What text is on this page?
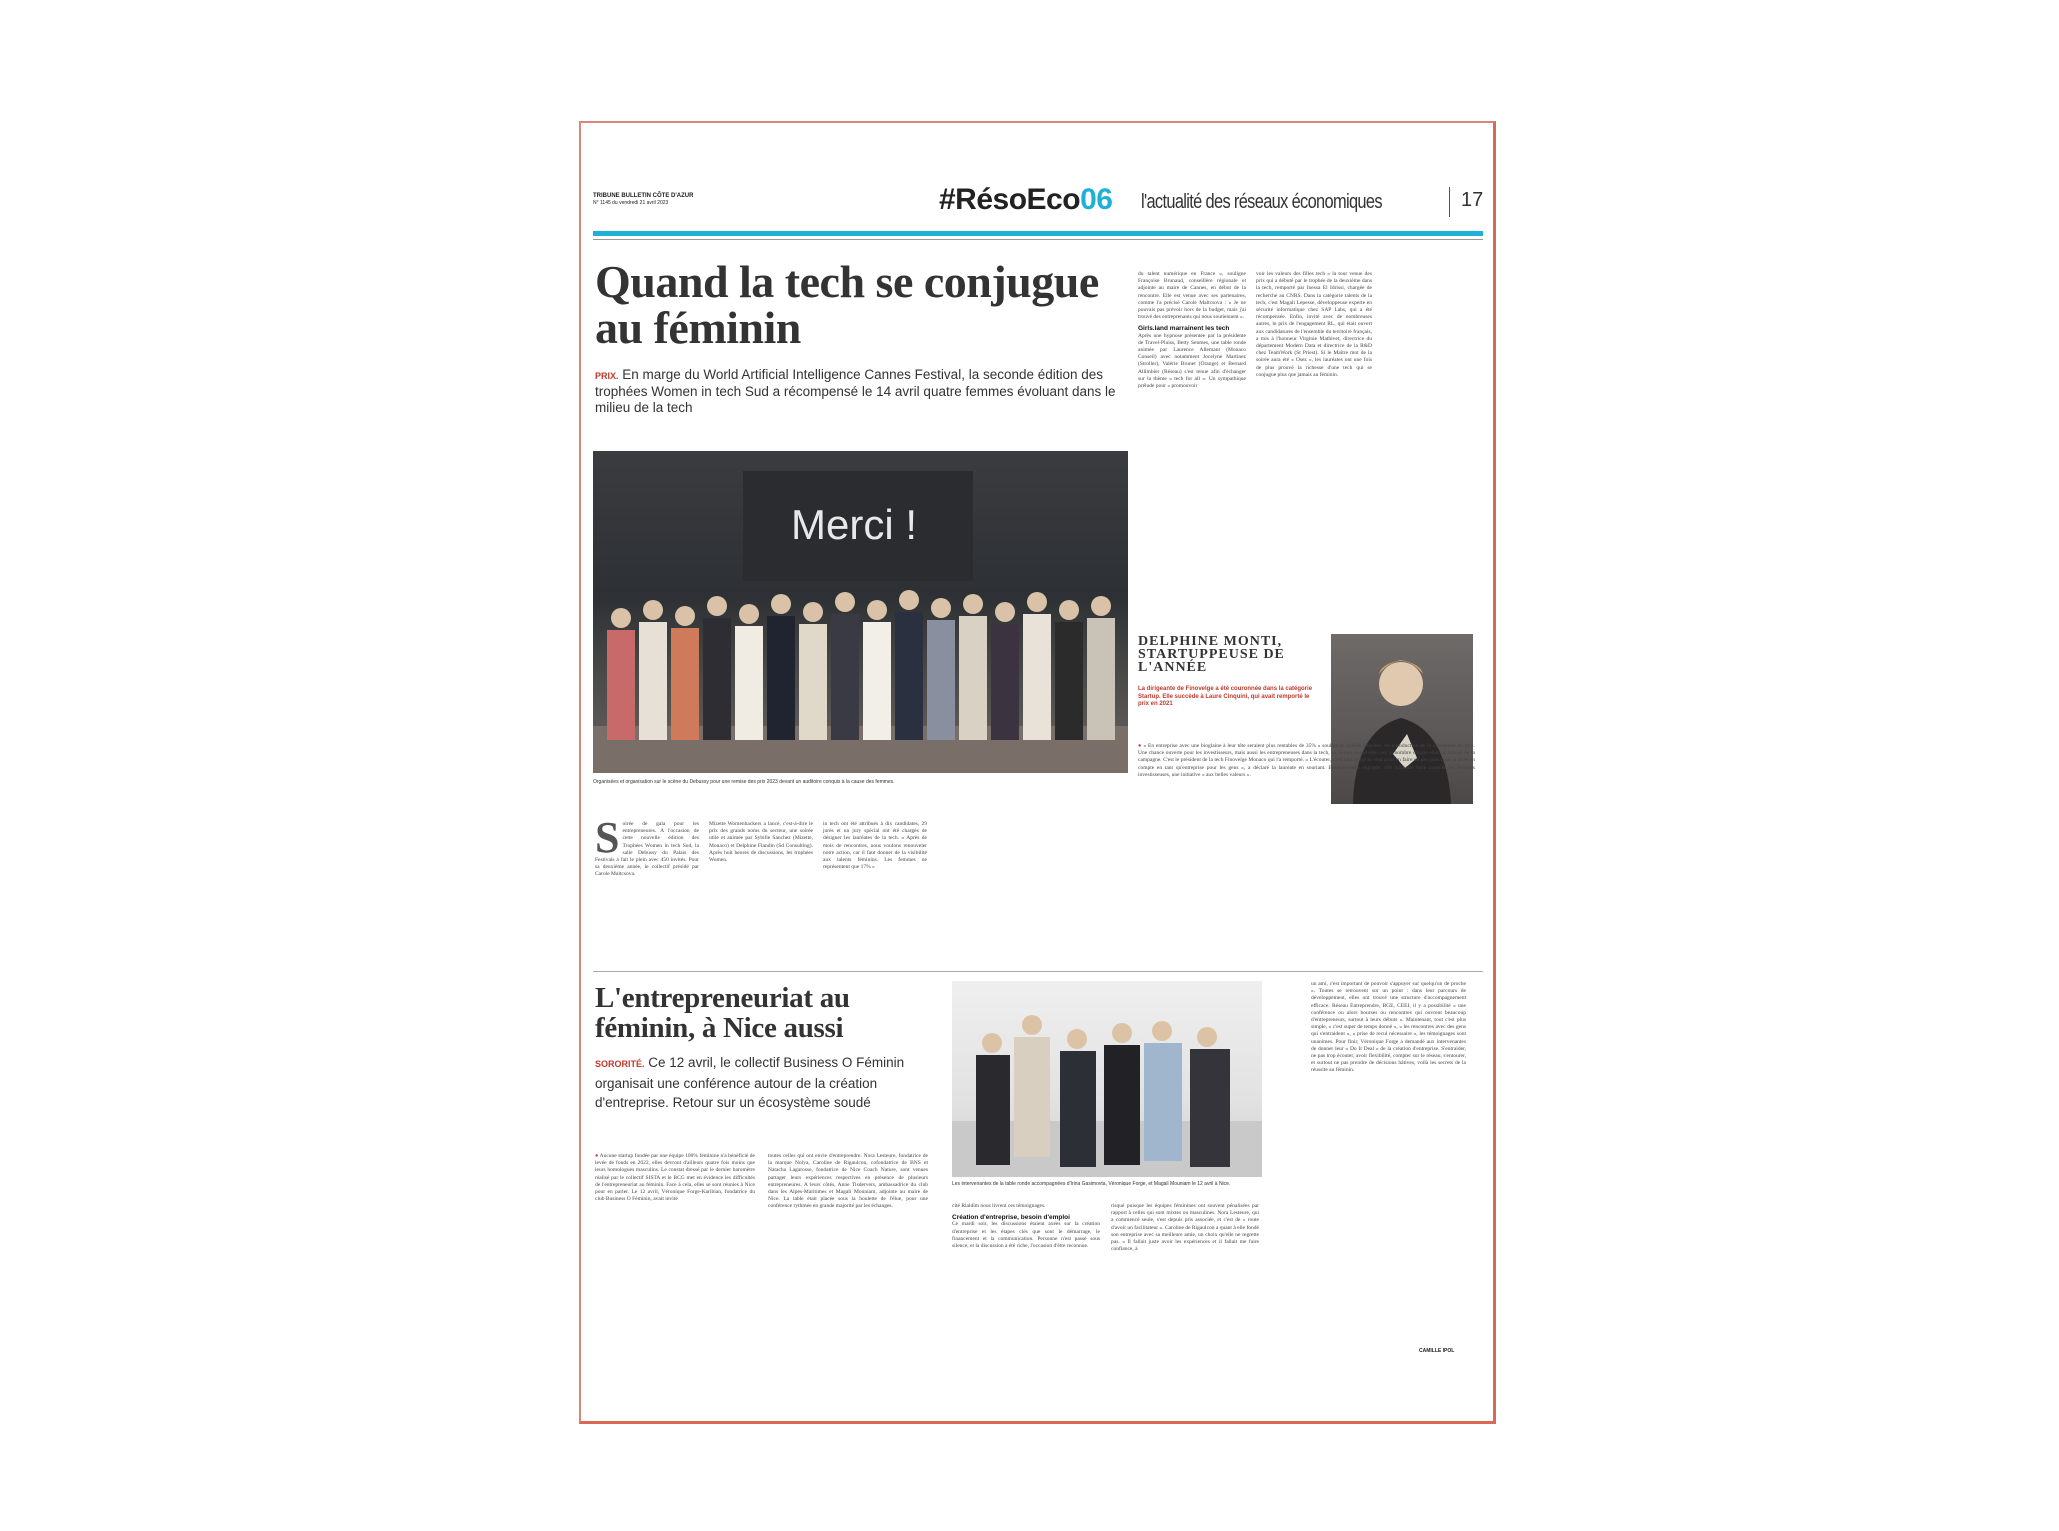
TRIBUNE BULLETIN CÔTE D'AZUR
N° 1145 du vendredi 21 avril 2023	#RésoEco06 l'actualité des réseaux économiques	17
Quand la tech se conjugue au féminin
PRIX. En marge du World Artificial Intelligence Cannes Festival, la seconde édition des trophées Women in tech Sud a récompensé le 14 avril quatre femmes évoluant dans le milieu de la tech
Merci !
Organisées et organisation sur le scène du Debussy pour une remise des prix 2023 devant un auditoire conquis à la cause des femmes.
S oirée de gala pour les entrepreneures. A l'occasion de cette nouvelle édition des Trophées Women in tech Sud, la salle Debussy du Palais des Festivals a fait le plein avec 450 invités. Pour sa deuxième année, le collectif présidé par Carole Maltcsova.
Mizette Womenhackers a lancé, c'est-à-dire le prix des grands noms du secteur, une soirée utile et animée par Sybille Sanchez (Mizette, Monaco) et Delphine Flandin (Sd Consulting). Après huit heures de discussions, les trophées Women.
in tech ont été attribués à dix candidates, 29 jurés et un jury spécial ont été chargés de désigner les lauréates de la tech. « Après de mois de rencontres, nous voulons renouveler notre action, car il faut donner de la visibilité aux talents féminins. Les femmes ne représentent que 17% »
du talent numérique en France », souligne Françoise Brunaud, conseillère régionale et adjointe au maire de Cannes, en début de la rencontre. Elle est venue avec ses partenaires, comme l'a précisé Carole Maltcsova : « Je ne pouvais pas prévoir hors de la budget, mais j'ai trouvé des entreprenants qui nous soutiennent ».
Girls.land marrainent les tech
Après une hypnose présentée par la présidente de Travel-Pluiss, Betty Senmes, une table ronde animée par Laurence Allemant (Monaco Conseil) avec notamment Jocelyne Martinez (Stroller), Valérie Brunet (Orange) et Bernard Allimbier (Réseau) s'est tenue afin d'échanger sur la thème « tech for all ». Un sympathique prélude pour « promouvoir
voir les valeurs des filles tech » la tour venue des prix qui a débuté par le trophée de la deuxième dans la tech, remporté par Inessa El Idrissi, chargée de recherche au CNRS. Dans la catégorie talents de la tech, c'est Magali Lepesse, développeuse experte en sécurité informatique chez SAP Labs, qui a été récompensée. Enfin, invité avec de nombreuses autres, le prix de l'engagement RL, qui était ouvert aux candidatures de l'ensemble du territoire français, a mis à l'honneur Virginie Mathivet, directrice du département Modern Data et directrice de la R&D chez TeamWork (St Priest). Si le Maître mot de la soirée aura été « Osez », les lauréates ont une fois de plus prouvé la richesse d'une tech qui se conjugue plus que jamais au féminin.
DELPHINE MONTI, STARTUPPEUSE DE L'ANNÉE
La dirigeante de Finovelge a été couronnée dans la catégorie Startup. Elle succède à Laure Cinquini, qui avait remporté le prix en 2021
● « En entreprise avec une bioglaine à leur tête seraient plus rentables de 35% » soulignait Sybille Sanchez, en introduction de la cérémonie du prix. Une chance ouverte pour les investisseurs, mais aussi les entrepreneuses dans la tech, au moins quand elles ont le nombre d'entre elles un travail de la campagne. C'est le président de la tech Finovelge Monaco qui l'a remporté. « L'écouter, c'est tout ce qu'on veut pour en faire un peu plus pour la prise en compte en tant qu'entreprise pour les gens », a déclaré la lauréate en souriant. Entrepreneure engagée, elle souhaite faire avancer les femmes investisseuses, une initiative « aux belles valeurs ».
L'entrepreneuriat au féminin, à Nice aussi
SORORITÉ. Ce 12 avril, le collectif Business O Féminin organisait une conférence autour de la création d'entreprise. Retour sur un écosystème soudé
Les intervenantes de la table ronde accompagnées d'Irina Gasimovta, Véronique Forge, et Magali Mouniam le 12 avril à Nice.
● Aucune startup fondée par une équipe 100% féminine n'a bénéficié de levée de fonds en 2022, elles devront d'ailleurs quatre fois moins que leurs homologues masculins. Le constat dressé par le dernier baromètre réalisé par le collectif SISTA et le BCG met en évidence les difficultés de l'entrepreneuriat au féminin. Face à cela, elles se sont réunies à Nice pour en parler. Le 12 avril, Véronique Forge-Karibian, fondatrice du club Business O Féminin, avait invité
toutes celles qui ont envie d'entreprendre. Nora Lesteure, fondatrice de la marque Nolya, Caroline de Rigaulcon, cofondatrice de BNS et Natacha Lagarosse, fondatrice de Nice Coach Nature, sont venues partager leurs expériences respectives en présence de plusieurs entrepreneures. A leurs côtés, Anne Tisdervers, ambassadrice du club dans les Alpes-Maritimes et Magali Mouniam, adjointe au maire de Nice. La table était placée sous la houlette de l'élue, pour une conférence rythmée en grande majorité par les échanges.	cité Rialdim nous livrent ces témoignages.
Création d'entreprise, besoin d'emploi
Ce mardi soir, les discussions étaient axées sur la création d'entreprise et les étapes clés que sont le démarrage, le financement et la communication. Personne n'est passé sous silence, et la discussion a été riche, l'occasion d'être reconnue.
risqué puisque les équipes féminines ont souvent pénalisées par rapport à celles qui sont mixtes ou masculines. Nora Lesteure, qui a commencé seule, s'est depuis pris associée, et c'est de « route d'avoir un facilitateur ». Caroline de Rigaulcon a quant à elle fondé son entreprise avec sa meilleure amie, un choix qu'elle ne regrette pas. « Il fallait juste avoir les expériences et il fallait me faire confiance, à
un ami, c'est important de pouvoir s'appuyer sur quelqu'un de proche ». Toutes se retrouvent sur un point : dans leur parcours de développement, elles ont trouvé une structure d'accompagnement efficace. Réseau Entreprendre, BGE, CEEI, il y a possibilité « une conférence ou alors bourses ou rencontres qui ouvrent beaucoup d'entrepreneurs, surtout à leurs débuts ». Maintenant, tout c'est plus simple, « c'est super de temps donné », « les rencontres avec des gens qui s'entraident », « prise de recul nécessaire », les témoignages sont unanimes. Pour finir, Véronique Forge a demandé aux intervenantes de donner leur « Do It Deal » de la création d'entreprise. S'entraider, ne pas trop écouter, avoir flexibilité, compter sur le réseau, s'entourer, et surtout ne pas prendre de décisions hâtives, voilà les secrets de la réussite au féminin.
CAMILLE IPOL
